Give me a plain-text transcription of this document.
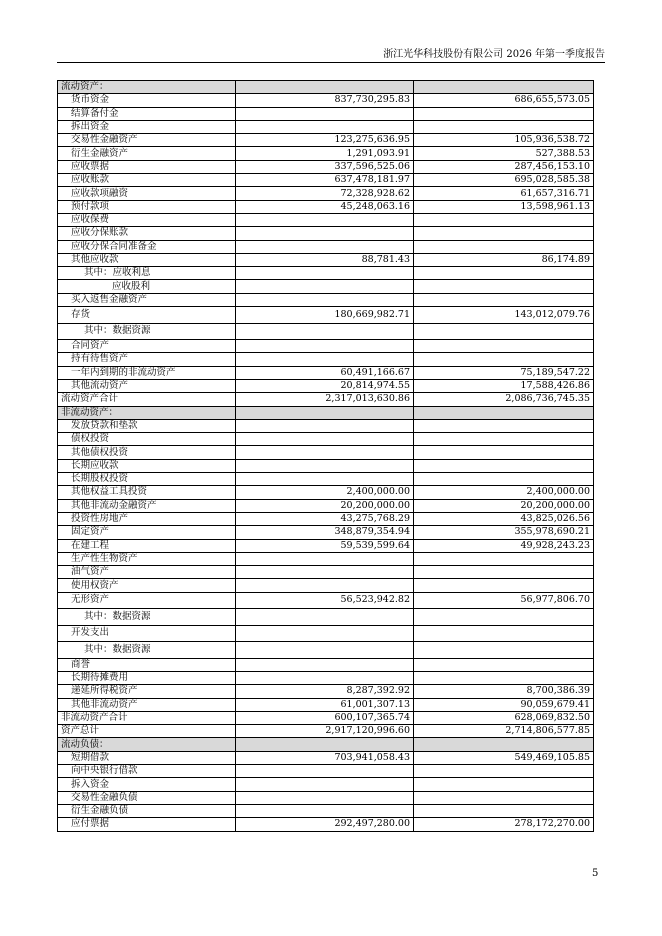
浙江光华科技股份有限公司 2026 年第一季度报告
流动资产：		
货币资金	837,730,295.83	686,655,573.05
结算备付金		
拆出资金		
交易性金融资产	123,275,636.95	105,936,538.72
衍生金融资产	1,291,093.91	527,388.53
应收票据	337,596,525.06	287,456,153.10
应收账款	637,478,181.97	695,028,585.38
应收款项融资	72,328,928.62	61,657,316.71
预付款项	45,248,063.16	13,598,961.13
应收保费		
应收分保账款		
应收分保合同准备金		
其他应收款	88,781.43	86,174.89
其中：应收利息		
应收股利		
买入返售金融资产		
存货	180,669,982.71	143,012,079.76
其中：数据资源		
合同资产		
持有待售资产		
一年内到期的非流动资产	60,491,166.67	75,189,547.22
其他流动资产	20,814,974.55	17,588,426.86
流动资产合计	2,317,013,630.86	2,086,736,745.35
非流动资产：		
发放贷款和垫款		
债权投资		
其他债权投资		
长期应收款		
长期股权投资		
其他权益工具投资	2,400,000.00	2,400,000.00
其他非流动金融资产	20,200,000.00	20,200,000.00
投资性房地产	43,275,768.29	43,825,026.56
固定资产	348,879,354.94	355,978,690.21
在建工程	59,539,599.64	49,928,243.23
生产性生物资产		
油气资产		
使用权资产		
无形资产	56,523,942.82	56,977,806.70
其中：数据资源		
开发支出		
其中：数据资源		
商誉		
长期待摊费用		
递延所得税资产	8,287,392.92	8,700,386.39
其他非流动资产	61,001,307.13	90,059,679.41
非流动资产合计	600,107,365.74	628,069,832.50
资产总计	2,917,120,996.60	2,714,806,577.85
流动负债：		
短期借款	703,941,058.43	549,469,105.85
向中央银行借款		
拆入资金		
交易性金融负债		
衍生金融负债		
应付票据	292,497,280.00	278,172,270.00
5
